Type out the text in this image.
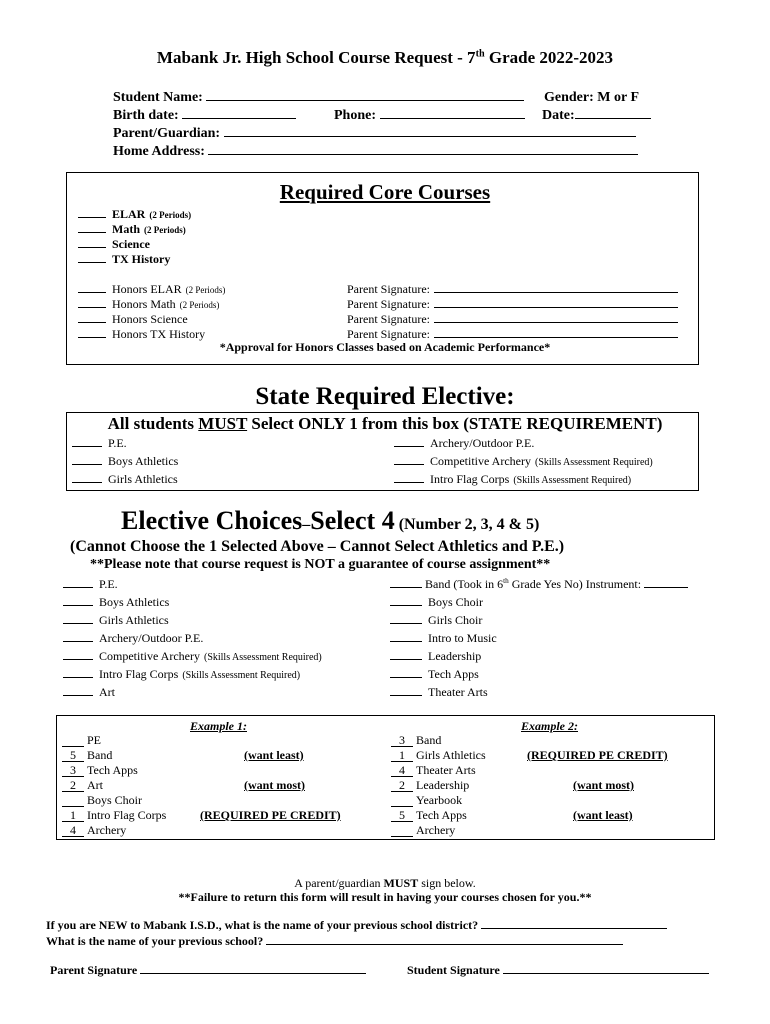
Mabank Jr. High School Course Request - 7th Grade 2022-2023
Student Name:	Gender: M or F
Birth date:	Phone:	Date:
Parent/Guardian:
Home Address:
Required Core Courses
ELAR (2 Periods)
Math (2 Periods)
Science
TX History
Honors ELAR (2 Periods)	Parent Signature:
Honors Math (2 Periods)	Parent Signature:
Honors Science	Parent Signature:
Honors TX History	Parent Signature:
*Approval for Honors Classes based on Academic Performance*
State Required Elective:
All students MUST Select ONLY 1 from this box (STATE REQUIREMENT)
P.E.
Boys Athletics
Girls Athletics
Archery/Outdoor P.E.
Competitive Archery (Skills Assessment Required)
Intro Flag Corps (Skills Assessment Required)
Elective Choices–Select 4 (Number 2, 3, 4 & 5)
(Cannot Choose the 1 Selected Above – Cannot Select Athletics and P.E.)
**Please note that course request is NOT a guarantee of course assignment**
P.E.
Boys Athletics
Girls Athletics
Archery/Outdoor P.E.
Competitive Archery (Skills Assessment Required)
Intro Flag Corps (Skills Assessment Required)
Art
Band (Took in 6th Grade Yes No) Instrument:
Boys Choir
Girls Choir
Intro to Music
Leadership
Tech Apps
Theater Arts
Example 1:	Example 2:
PE
5 Band	(want least)
3 Tech Apps
2 Art	(want most)
Boys Choir
1 Intro Flag Corps	(REQUIRED PE CREDIT)
4 Archery
3 Band
1 Girls Athletics	(REQUIRED PE CREDIT)
4 Theater Arts
2 Leadership	(want most)
Yearbook
5 Tech Apps	(want least)
Archery
A parent/guardian MUST sign below.
**Failure to return this form will result in having your courses chosen for you.**
If you are NEW to Mabank I.S.D., what is the name of your previous school district?
What is the name of your previous school?
Parent Signature	Student Signature
